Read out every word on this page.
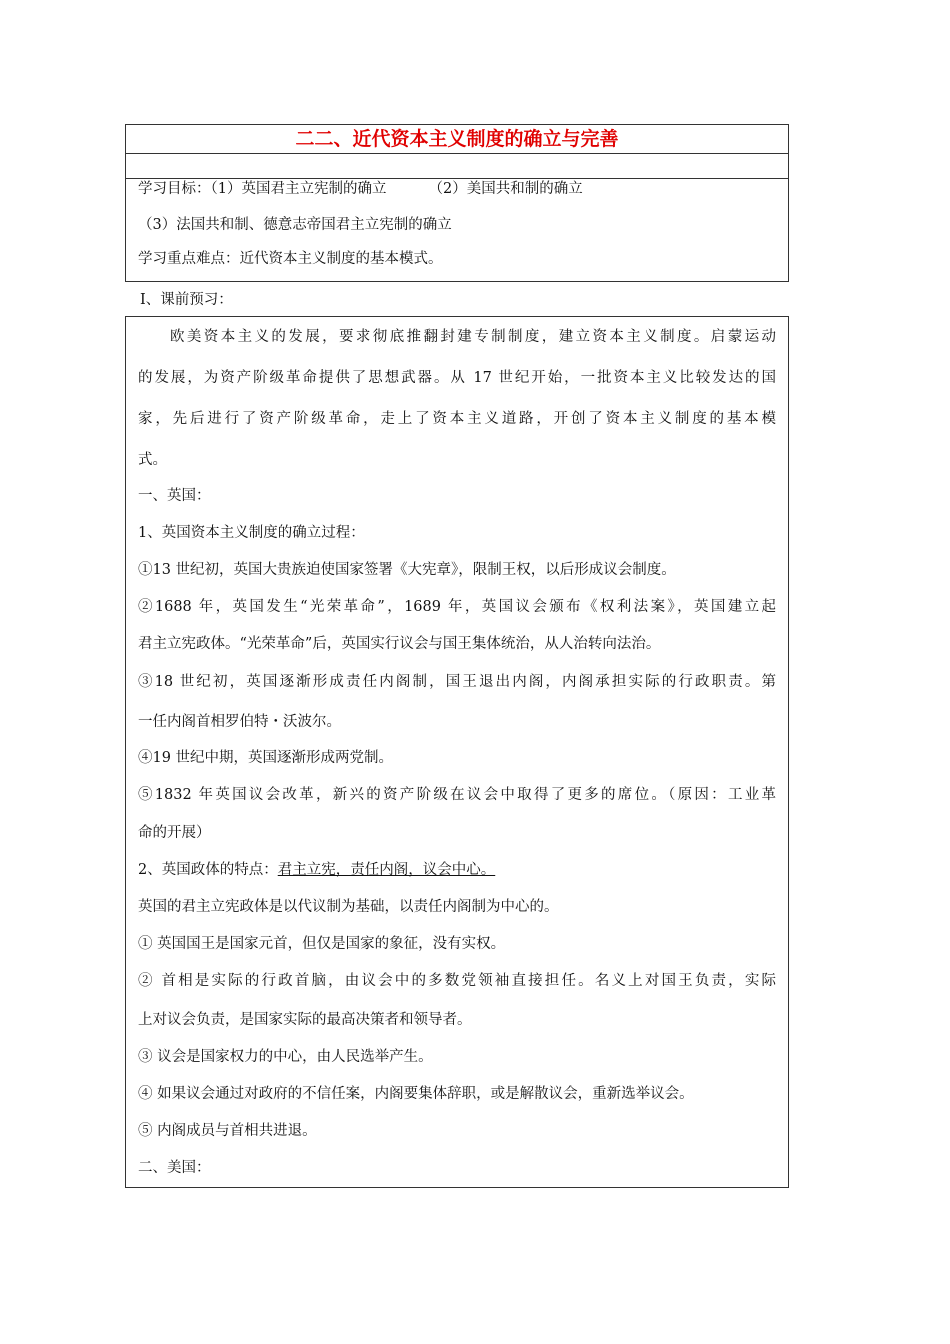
二二、近代资本主义制度的确立与完善
学习目标：（1）英国君主立宪制的确立	（2）美国共和制的确立
（3）法国共和制、德意志帝国君主立宪制的确立
学习重点难点：近代资本主义制度的基本模式。
Ⅰ、课前预习：
欧美资本主义的发展，要求彻底推翻封建专制制度，建立资本主义制度。启蒙运动
的发展，为资产阶级革命提供了思想武器。从 17 世纪开始，一批资本主义比较发达的国
家，先后进行了资产阶级革命，走上了资本主义道路，开创了资本主义制度的基本模
式。
一、英国：
1、英国资本主义制度的确立过程：
①13 世纪初，英国大贵族迫使国家签署《大宪章》，限制王权，以后形成议会制度。
②1688 年，英国发生“光荣革命”，1689 年，英国议会颁布《权利法案》，英国建立起
君主立宪政体。“光荣革命”后，英国实行议会与国王集体统治，从人治转向法治。
③18 世纪初，英国逐渐形成责任内阁制，国王退出内阁，内阁承担实际的行政职责。第
一任内阁首相罗伯特・沃波尔。
④19 世纪中期，英国逐渐形成两党制。
⑤1832 年英国议会改革，新兴的资产阶级在议会中取得了更多的席位。（原因：工业革
命的开展）
2、英国政体的特点：君主立宪，责任内阁，议会中心。
英国的君主立宪政体是以代议制为基础，以责任内阁制为中心的。
① 英国国王是国家元首，但仅是国家的象征，没有实权。
② 首相是实际的行政首脑，由议会中的多数党领袖直接担任。名义上对国王负责，实际
上对议会负责，是国家实际的最高决策者和领导者。
③ 议会是国家权力的中心，由人民选举产生。
④ 如果议会通过对政府的不信任案，内阁要集体辞职，或是解散议会，重新选举议会。
⑤ 内阁成员与首相共进退。
二、美国：
